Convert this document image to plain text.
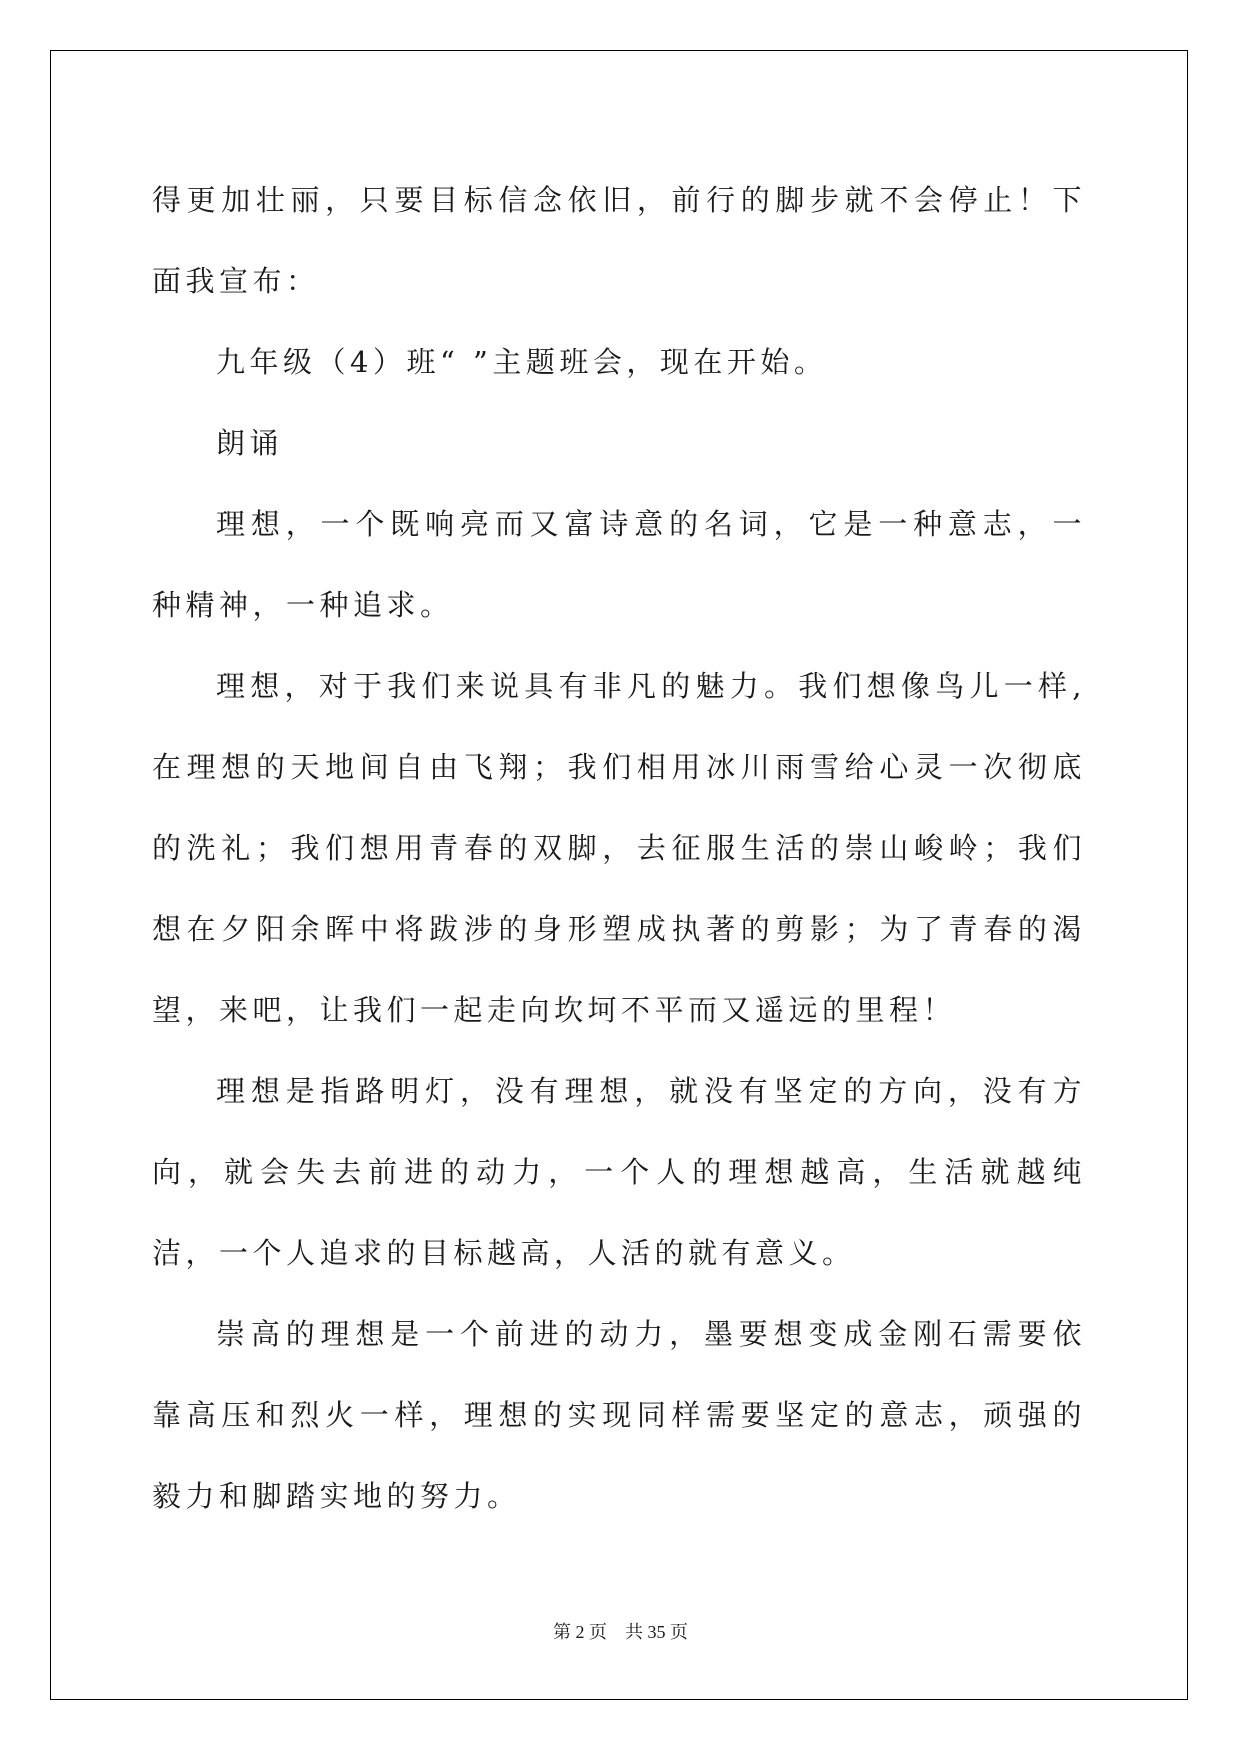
得更加壮丽，只要目标信念依旧，前行的脚步就不会停止！下面我宣布：

九年级（4）班“ ”主题班会，现在开始。

朗诵

理想，一个既响亮而又富诗意的名词，它是一种意志，一种精神，一种追求。

理想，对于我们来说具有非凡的魅力。我们想像鸟儿一样,在理想的天地间自由飞翔；我们相用冰川雨雪给心灵一次彻底的洗礼；我们想用青春的双脚，去征服生活的崇山峻岭；我们想在夕阳余晖中将跋涉的身形塑成执著的剪影；为了青春的渴望，来吧，让我们一起走向坎坷不平而又遥远的里程！

理想是指路明灯，没有理想，就没有坚定的方向，没有方向，就会失去前进的动力，一个人的理想越高，生活就越纯洁，一个人追求的目标越高，人活的就有意义。

崇高的理想是一个前进的动力，墨要想变成金刚石需要依靠高压和烈火一样，理想的实现同样需要坚定的意志，顽强的毅力和脚踏实地的努力。

第 2 页    共 35 页
